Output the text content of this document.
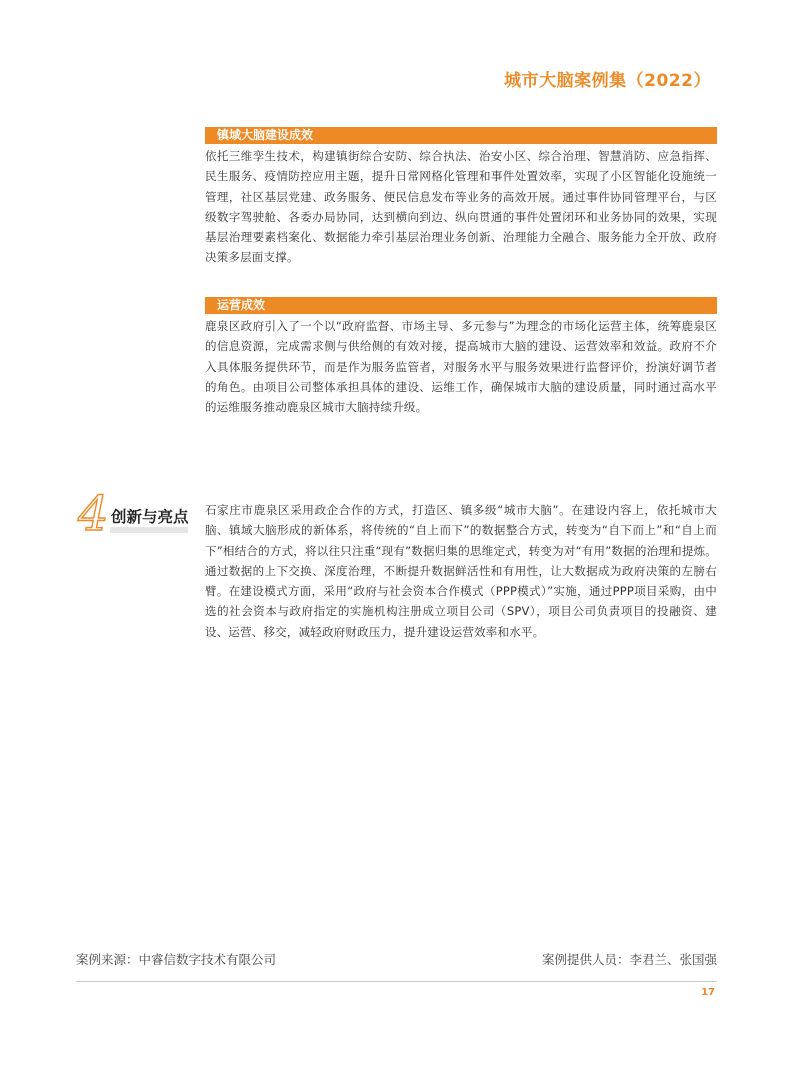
城市大脑案例集（2022）
镇域大脑建设成效

依托三维孪生技术，构建镇街综合安防、综合执法、治安小区、综合治理、智慧消防、应急指挥、民生服务、疫情防控应用主题，提升日常网格化管理和事件处置效率，实现了小区智能化设施统一管理，社区基层党建、政务服务、便民信息发布等业务的高效开展。通过事件协同管理平台，与区级数字驾驶舱、各委办局协同，达到横向到边、纵向贯通的事件处置闭环和业务协同的效果，实现基层治理要素档案化、数据能力牵引基层治理业务创新、治理能力全融合、服务能力全开放、政府决策多层面支撑。

运营成效

鹿泉区政府引入了一个以“政府监督、市场主导、多元参与”为理念的市场化运营主体，统筹鹿泉区的信息资源，完成需求侧与供给侧的有效对接，提高城市大脑的建设、运营效率和效益。政府不介入具体服务提供环节，而是作为服务监管者，对服务水平与服务效果进行监督评价，扮演好调节者的角色。由项目公司整体承担具体的建设、运维工作，确保城市大脑的建设质量，同时通过高水平的运维服务推动鹿泉区城市大脑持续升级。

4 创新与亮点 石家庄市鹿泉区采用政企合作的方式，打造区、镇多级“城市大脑”。在建设内容上，依托城市大脑、镇域大脑形成的新体系，将传统的“自上而下”的数据整合方式，转变为“自下而上”和“自上而下”相结合的方式，将以往只注重“现有”数据归集的思维定式，转变为对“有用”数据的治理和提炼。通过数据的上下交换、深度治理，不断提升数据鲜活性和有用性，让大数据成为政府决策的左膀右臂。在建设模式方面，采用“政府与社会资本合作模式（PPP模式）”实施，通过PPP项目采购，由中选的社会资本与政府指定的实施机构注册成立项目公司（SPV），项目公司负责项目的投融资、建设、运营、移交，减轻政府财政压力，提升建设运营效率和水平。

案例来源：中睿信数字技术有限公司	案例提供人员：李君兰、张国强
17
